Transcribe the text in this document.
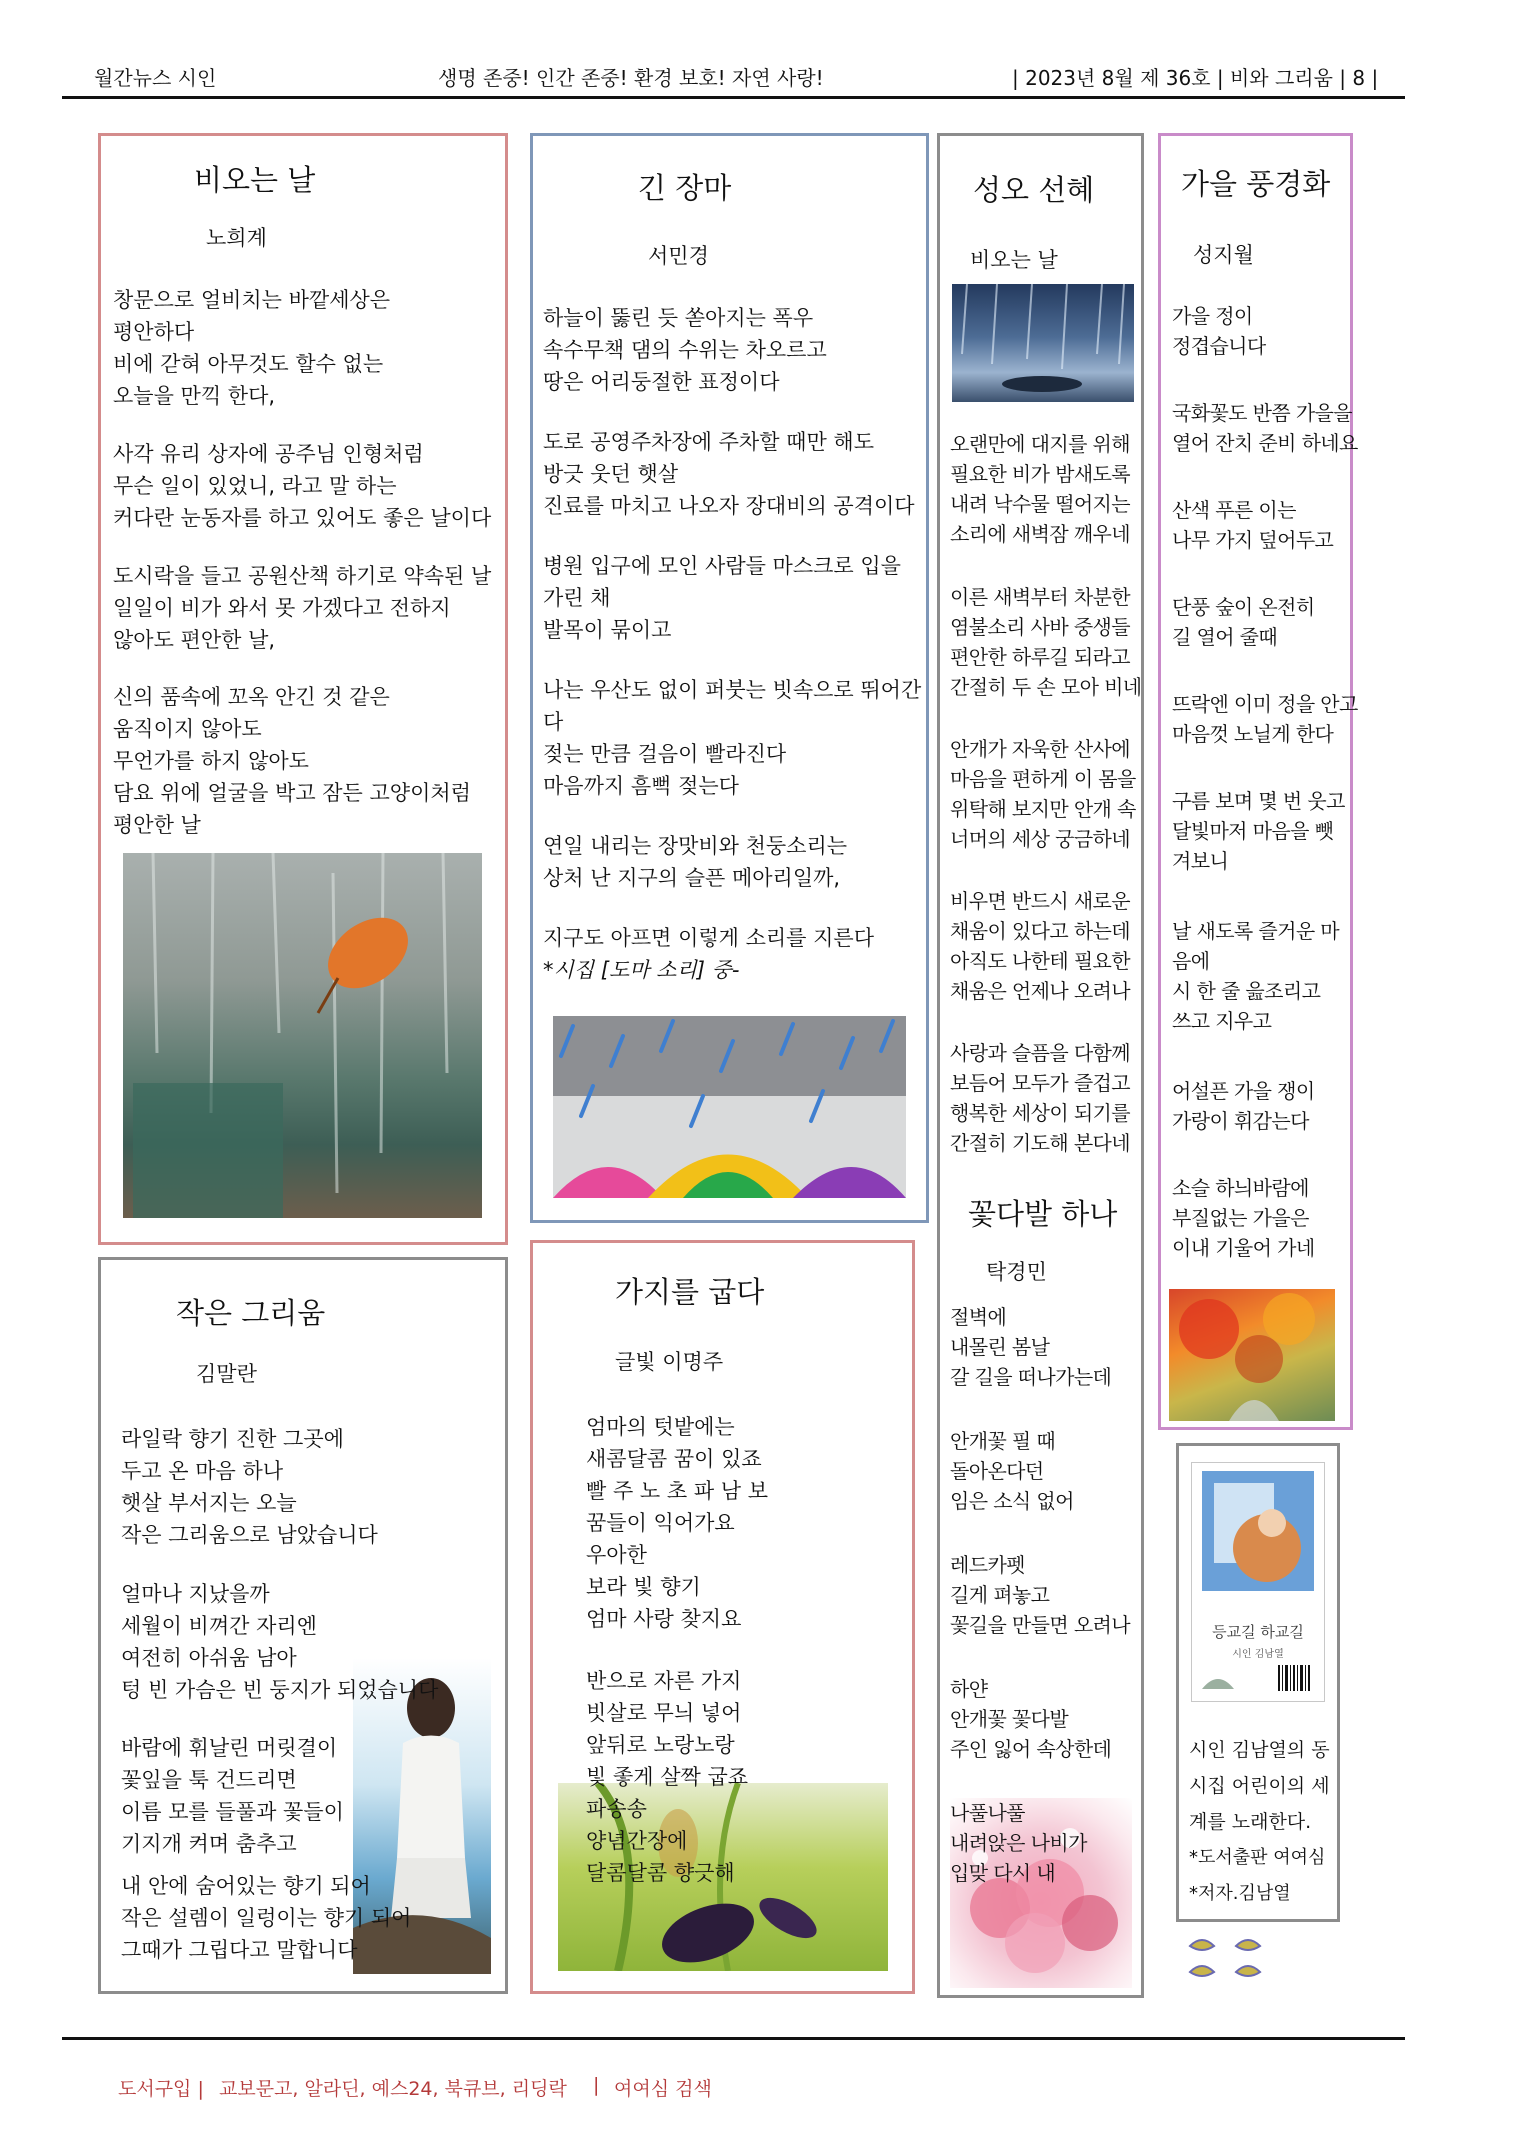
월간뉴스 시인	생명 존중! 인간 존중! 환경 보호! 자연 사랑!	| 2023년 8월 제 36호 | 비와 그리움 | 8 |
비오는 날
노희계
창문으로 얼비치는 바깥세상은
평안하다
비에 갇혀 아무것도 할수 없는
오늘을 만끽 한다,
사각 유리 상자에 공주님 인형처럼
무슨 일이 있었니, 라고 말 하는
커다란 눈동자를 하고 있어도 좋은 날이다
도시락을 들고 공원산책 하기로 약속된 날
일일이 비가 와서 못 가겠다고 전하지
않아도 편안한 날,
신의 품속에 꼬옥 안긴 것 같은
움직이지 않아도
무언가를 하지 않아도
담요 위에 얼굴을 박고 잠든 고양이처럼
평안한 날
긴 장마
서민경
하늘이 뚫린 듯 쏟아지는 폭우
속수무책 댐의 수위는 차오르고
땅은 어리둥절한 표정이다
도로 공영주차장에 주차할 때만 해도
방긋 웃던 햇살
진료를 마치고 나오자 장대비의 공격이다
병원 입구에 모인 사람들 마스크로 입을
가린 채
발목이 묶이고
나는 우산도 없이 퍼붓는 빗속으로 뛰어간
다
젖는 만큼 걸음이 빨라진다
마음까지 흠뻑 젖는다
연일 내리는 장맛비와 천둥소리는
상처 난 지구의 슬픈 메아리일까,
지구도 아프면 이렇게 소리를 지른다
*시집 [도마 소리] 중-
성오 선혜
비오는 날
오랜만에 대지를 위해
필요한 비가 밤새도록
내려 낙수물 떨어지는
소리에 새벽잠 깨우네
이른 새벽부터 차분한
염불소리 사바 중생들
편안한 하루길 되라고
간절히 두 손 모아 비네
안개가 자욱한 산사에
마음을 편하게 이 몸을
위탁해 보지만 안개 속
너머의 세상 궁금하네
비우면 반드시 새로운
채움이 있다고 하는데
아직도 나한테 필요한
채움은 언제나 오려나
사랑과 슬픔을 다함께
보듬어 모두가 즐겁고
행복한 세상이 되기를
간절히 기도해 본다네
꽃다발 하나
탁경민
절벽에
내몰린 봄날
갈 길을 떠나가는데
안개꽃 필 때
돌아온다던
임은 소식 없어
레드카펫
길게 펴놓고
꽃길을 만들면 오려나
하얀
안개꽃 꽃다발
주인 잃어 속상한데
나풀나풀
내려앉은 나비가
입맞 다시 내
가을 풍경화
성지월
가을 정이
정겹습니다
국화꽃도 반쯤 가을을
열어 잔치 준비 하네요
산색 푸른 이는
나무 가지 덮어두고
단풍 숲이 온전히
길 열어 줄때
뜨락엔 이미 정을 안고
마음껏 노닐게 한다
구름 보며 몇 번 웃고
달빛마저 마음을 뺏
겨보니
날 새도록 즐거운 마
음에
시 한 줄 읊조리고
쓰고 지우고
어설픈 가을 쟁이
가랑이 휘감는다
소슬 하늬바람에
부질없는 가을은
이내 기울어 가네
작은 그리움
김말란
라일락 향기 진한 그곳에
두고 온 마음 하나
햇살 부서지는 오늘
작은 그리움으로 남았습니다
얼마나 지났을까
세월이 비껴간 자리엔
여전히 아쉬움 남아
텅 빈 가슴은 빈 둥지가 되었습니다
바람에 휘날린 머릿결이
꽃잎을 툭 건드리면
이름 모를 들풀과 꽃들이
기지개 켜며 춤추고
내 안에 숨어있는 향기 되어
작은 설렘이 일렁이는 향기 되어
그때가 그립다고 말합니다
가지를 굽다
글빛 이명주
엄마의 텃밭에는
새콤달콤 꿈이 있죠
빨 주 노 초 파 남 보
꿈들이 익어가요
우아한
보라 빛 향기
엄마 사랑 찾지요
반으로 자른 가지
빗살로 무늬 넣어
앞뒤로 노랑노랑
빛 좋게 살짝 굽죠
파송송
양념간장에
달콤달콤 향긋해
등교길 하교길
시인 김남열
시인 김남열의 동
시집 어린이의 세
계를 노래한다.
*도서출판 여여심
*저자.김남열
도서구입 | 교보문고, 알라딘, 예스24, 북큐브, 리딩락 | 여여심 검색
